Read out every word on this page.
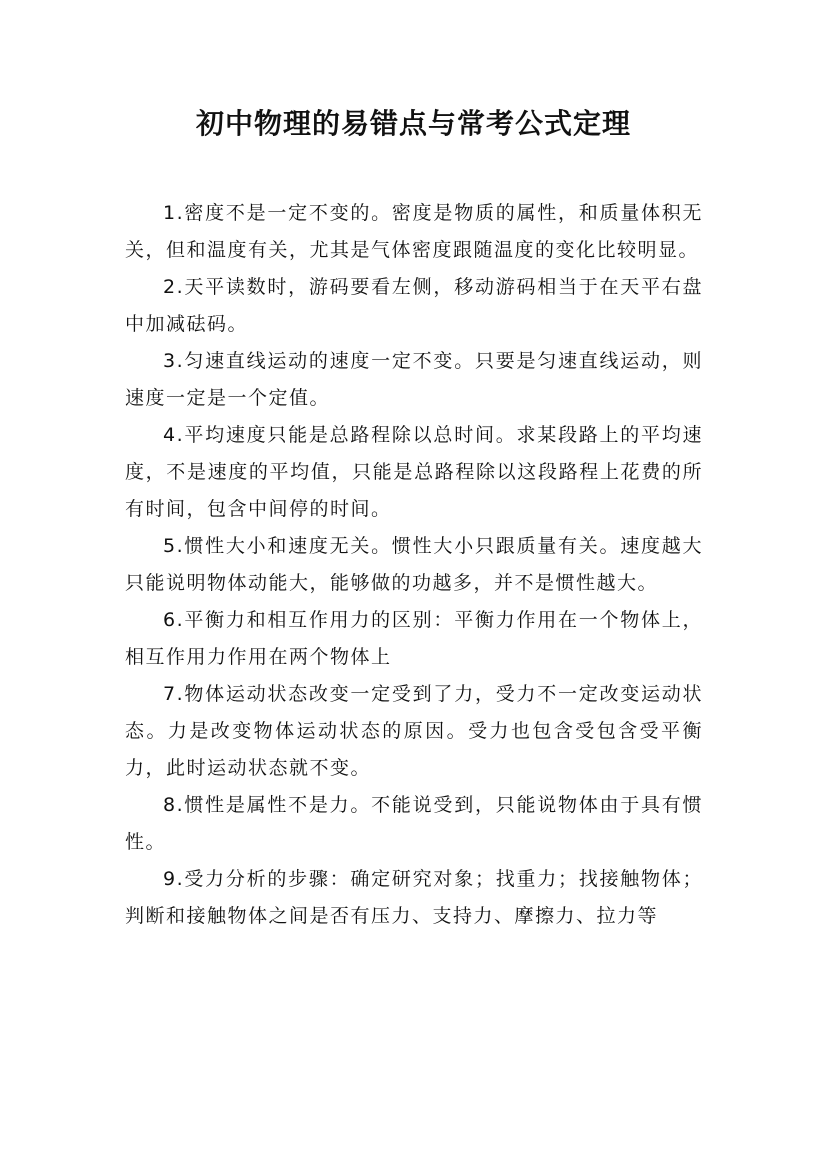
初中物理的易错点与常考公式定理

1.密度不是一定不变的。密度是物质的属性，和质量体积无关，但和温度有关，尤其是气体密度跟随温度的变化比较明显。

2.天平读数时，游码要看左侧，移动游码相当于在天平右盘中加减砝码。

3.匀速直线运动的速度一定不变。只要是匀速直线运动，则速度一定是一个定值。

4.平均速度只能是总路程除以总时间。求某段路上的平均速度，不是速度的平均值，只能是总路程除以这段路程上花费的所有时间，包含中间停的时间。

5.惯性大小和速度无关。惯性大小只跟质量有关。速度越大只能说明物体动能大，能够做的功越多，并不是惯性越大。

6.平衡力和相互作用力的区别：平衡力作用在一个物体上，相互作用力作用在两个物体上

7.物体运动状态改变一定受到了力，受力不一定改变运动状态。力是改变物体运动状态的原因。受力也包含受包含受平衡力，此时运动状态就不变。

8.惯性是属性不是力。不能说受到，只能说物体由于具有惯性。

9.受力分析的步骤：确定研究对象；找重力；找接触物体；判断和接触物体之间是否有压力、支持力、摩擦力、拉力等
